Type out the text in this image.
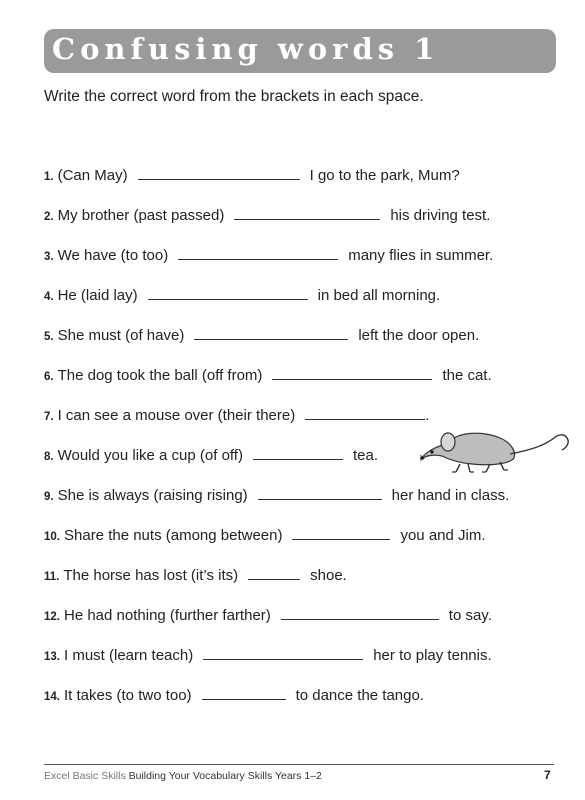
Confusing words 1
Write the correct word from the brackets in each space.
1. (Can May)	I go to the park, Mum?
2. My brother (past passed)	his driving test.
3. We have (to too)	many flies in summer.
4. He (laid lay)	in bed all morning.
5. She must (of have)	left the door open.
6. The dog took the ball (off from)	the cat.
7. I can see a mouse over (their there)	.
8. Would you like a cup (of off)	tea.
9. She is always (raising rising)	her hand in class.
10. Share the nuts (among between)	you and Jim.
11. The horse has lost (it’s its)	shoe.
12. He had nothing (further farther)	to say.
13. I must (learn teach)	her to play tennis.
14. It takes (to two too)	to dance the tango.
Excel Basic Skills Building Your Vocabulary Skills Years 1–2	7
